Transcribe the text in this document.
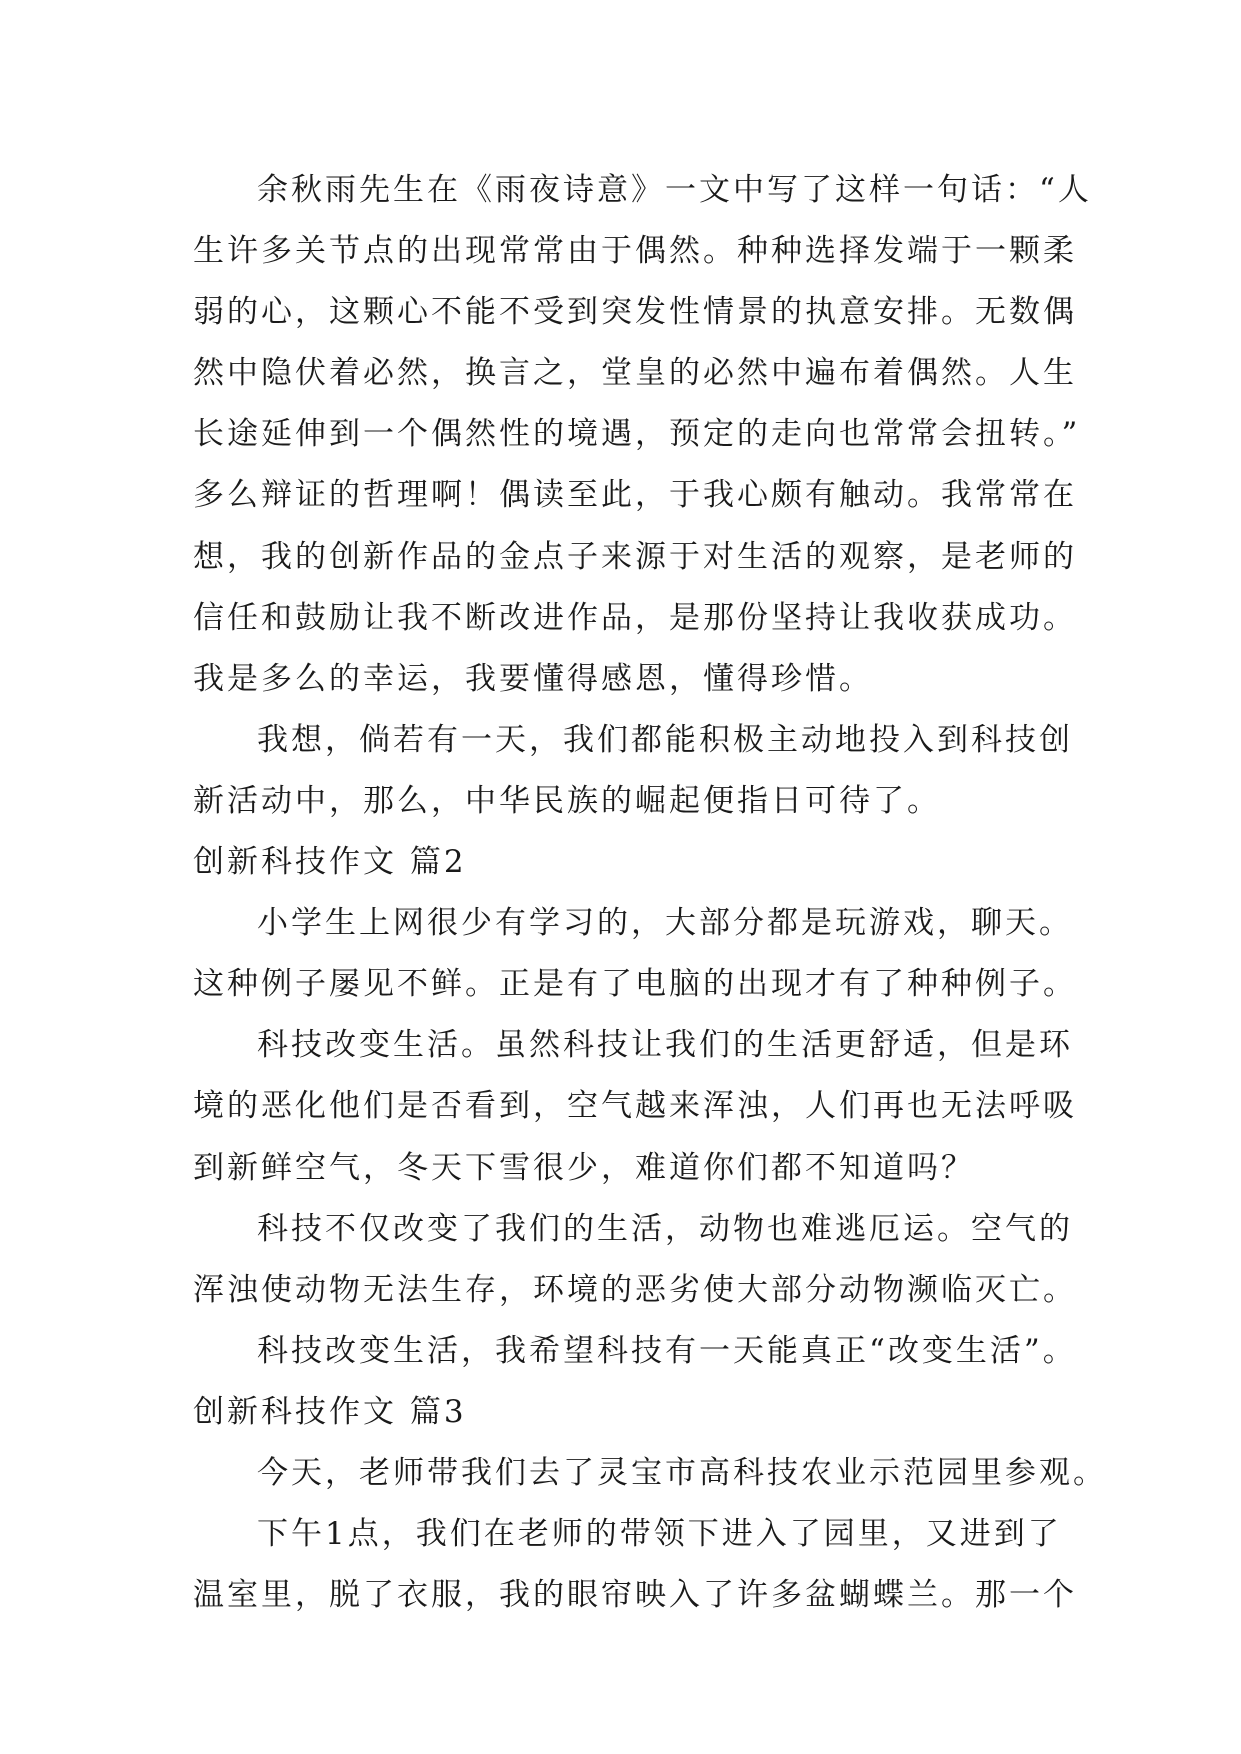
余秋雨先生在《雨夜诗意》一文中写了这样一句话：“人
生许多关节点的出现常常由于偶然。种种选择发端于一颗柔
弱的心，这颗心不能不受到突发性情景的执意安排。无数偶
然中隐伏着必然，换言之，堂皇的必然中遍布着偶然。人生
长途延伸到一个偶然性的境遇，预定的走向也常常会扭转。”
多么辩证的哲理啊！偶读至此，于我心颇有触动。我常常在
想，我的创新作品的金点子来源于对生活的观察，是老师的
信任和鼓励让我不断改进作品，是那份坚持让我收获成功。
我是多么的幸运，我要懂得感恩，懂得珍惜。
我想，倘若有一天，我们都能积极主动地投入到科技创
新活动中，那么，中华民族的崛起便指日可待了。
创新科技作文 篇2
小学生上网很少有学习的，大部分都是玩游戏，聊天。
这种例子屡见不鲜。正是有了电脑的出现才有了种种例子。
科技改变生活。虽然科技让我们的生活更舒适，但是环
境的恶化他们是否看到，空气越来浑浊，人们再也无法呼吸
到新鲜空气，冬天下雪很少，难道你们都不知道吗？
科技不仅改变了我们的生活，动物也难逃厄运。空气的
浑浊使动物无法生存，环境的恶劣使大部分动物濒临灭亡。
科技改变生活，我希望科技有一天能真正“改变生活”。
创新科技作文 篇3
今天，老师带我们去了灵宝市高科技农业示范园里参观。
下午1点，我们在老师的带领下进入了园里，又进到了
温室里，脱了衣服，我的眼帘映入了许多盆蝴蝶兰。那一个
